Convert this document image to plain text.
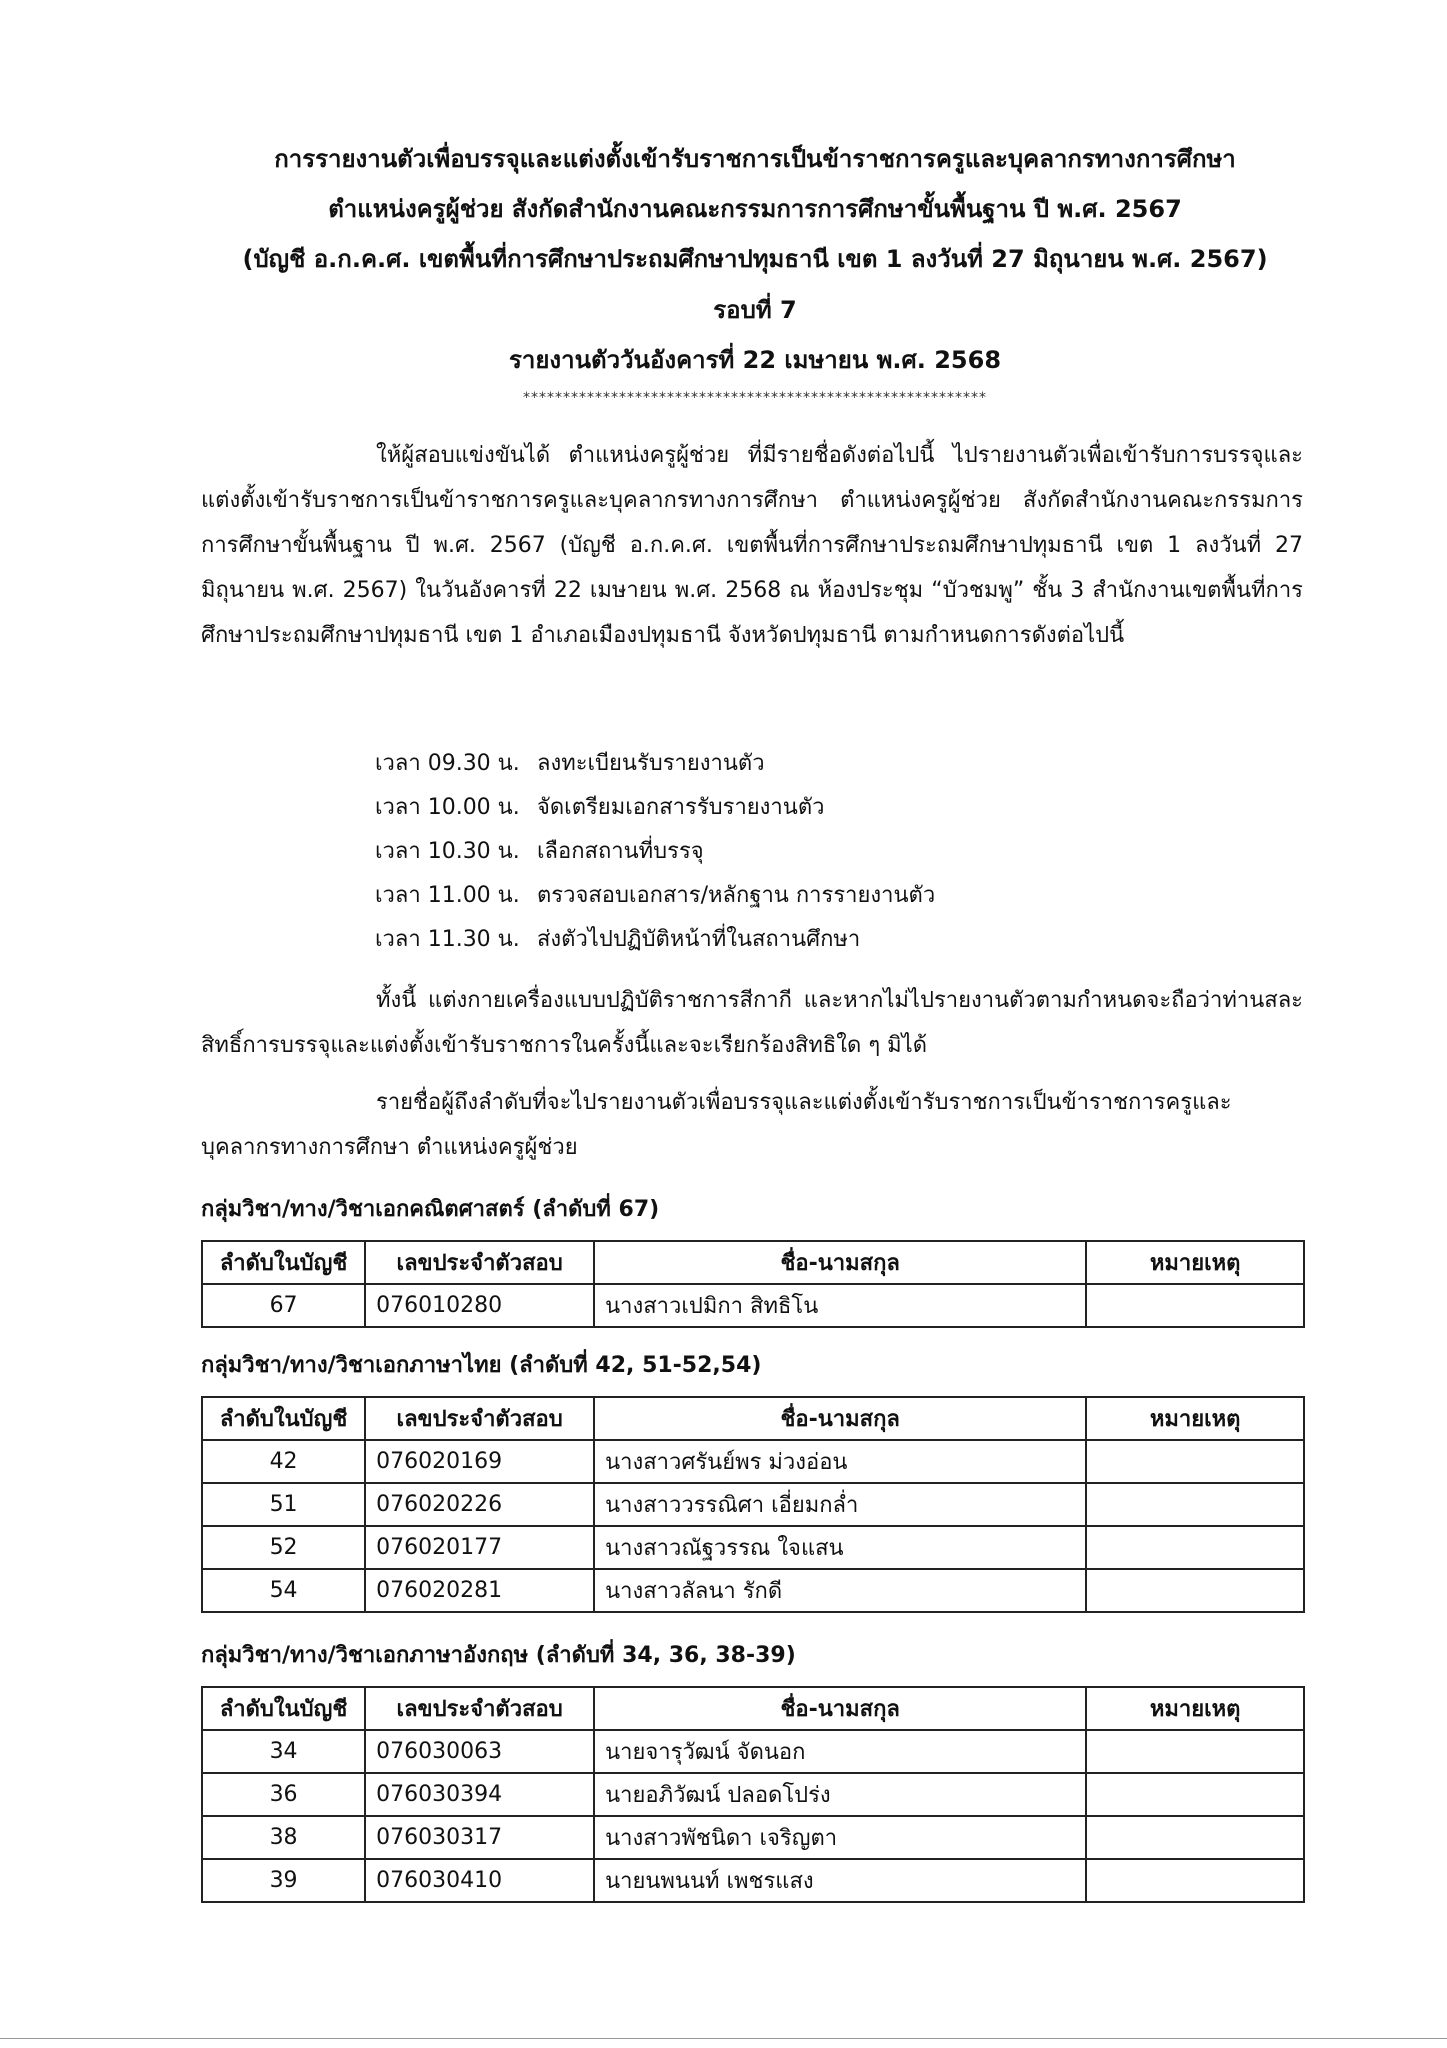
การรายงานตัวเพื่อบรรจุและแต่งตั้งเข้ารับราชการเป็นข้าราชการครูและบุคลากรทางการศึกษา
ตำแหน่งครูผู้ช่วย สังกัดสำนักงานคณะกรรมการการศึกษาขั้นพื้นฐาน ปี พ.ศ. 2567
(บัญชี อ.ก.ค.ศ. เขตพื้นที่การศึกษาประถมศึกษาปทุมธานี เขต 1 ลงวันที่ 27 มิถุนายน พ.ศ. 2567)
รอบที่ 7
รายงานตัววันอังคารที่ 22 เมษายน พ.ศ. 2568
**********************************************************
ให้ผู้สอบแข่งขันได้ ตำแหน่งครูผู้ช่วย ที่มีรายชื่อดังต่อไปนี้ ไปรายงานตัวเพื่อเข้ารับการบรรจุและแต่งตั้งเข้ารับราชการเป็นข้าราชการครูและบุคลากรทางการศึกษา ตำแหน่งครูผู้ช่วย สังกัดสำนักงานคณะกรรมการการศึกษาขั้นพื้นฐาน ปี พ.ศ. 2567 (บัญชี อ.ก.ค.ศ. เขตพื้นที่การศึกษาประถมศึกษาปทุมธานี เขต 1 ลงวันที่ 27 มิถุนายน พ.ศ. 2567) ในวันอังคารที่ 22 เมษายน พ.ศ. 2568 ณ ห้องประชุม “บัวชมพู” ชั้น 3 สำนักงานเขตพื้นที่การศึกษาประถมศึกษาปทุมธานี เขต 1 อำเภอเมืองปทุมธานี จังหวัดปทุมธานี ตามกำหนดการดังต่อไปนี้
เวลา 09.30 น. ลงทะเบียนรับรายงานตัว
เวลา 10.00 น. จัดเตรียมเอกสารรับรายงานตัว
เวลา 10.30 น. เลือกสถานที่บรรจุ
เวลา 11.00 น. ตรวจสอบเอกสาร/หลักฐาน การรายงานตัว
เวลา 11.30 น. ส่งตัวไปปฏิบัติหน้าที่ในสถานศึกษา
ทั้งนี้ แต่งกายเครื่องแบบปฏิบัติราชการสีกากี และหากไม่ไปรายงานตัวตามกำหนดจะถือว่าท่านสละสิทธิ์การบรรจุและแต่งตั้งเข้ารับราชการในครั้งนี้และจะเรียกร้องสิทธิใด ๆ มิได้
รายชื่อผู้ถึงลำดับที่จะไปรายงานตัวเพื่อบรรจุและแต่งตั้งเข้ารับราชการเป็นข้าราชการครูและบุคลากรทางการศึกษา ตำแหน่งครูผู้ช่วย
กลุ่มวิชา/ทาง/วิชาเอกคณิตศาสตร์ (ลำดับที่ 67)
ลำดับในบัญชี	เลขประจำตัวสอบ	ชื่อ-นามสกุล	หมายเหตุ
67	076010280	นางสาวเปมิกา สิทธิโน	
กลุ่มวิชา/ทาง/วิชาเอกภาษาไทย (ลำดับที่ 42, 51-52,54)
ลำดับในบัญชี	เลขประจำตัวสอบ	ชื่อ-นามสกุล	หมายเหตุ
42	076020169	นางสาวศรันย์พร ม่วงอ่อน	
51	076020226	นางสาววรรณิศา เอี่ยมกล่ำ	
52	076020177	นางสาวณัฐวรรณ ใจแสน	
54	076020281	นางสาวลัลนา รักดี	
กลุ่มวิชา/ทาง/วิชาเอกภาษาอังกฤษ (ลำดับที่ 34, 36, 38-39)
ลำดับในบัญชี	เลขประจำตัวสอบ	ชื่อ-นามสกุล	หมายเหตุ
34	076030063	นายจารุวัฒน์ จัดนอก	
36	076030394	นายอภิวัฒน์ ปลอดโปร่ง	
38	076030317	นางสาวพัชนิดา เจริญตา	
39	076030410	นายนพนนท์ เพชรแสง	
